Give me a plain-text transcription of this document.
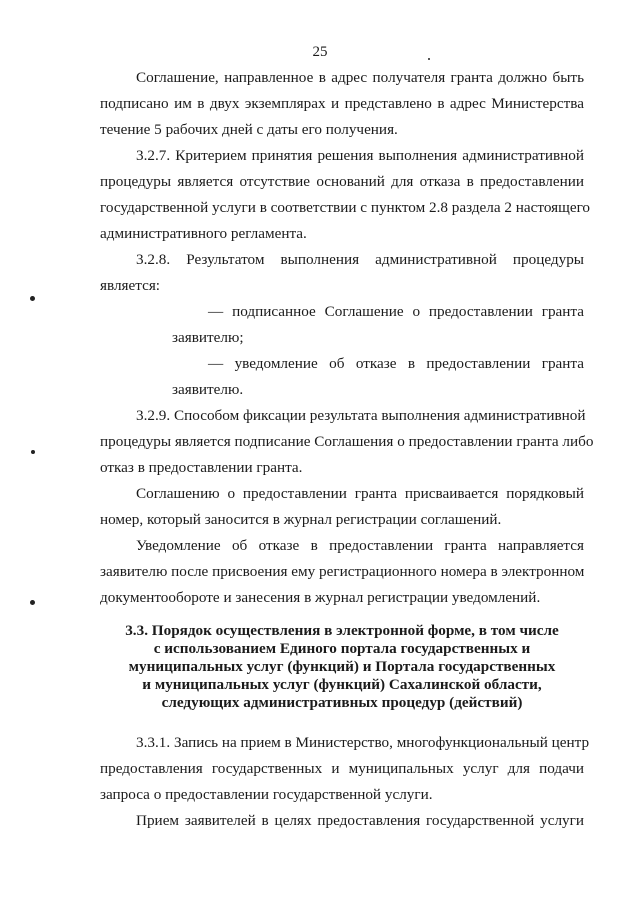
25
Соглашение, направленное в адрес получателя гранта должно быть
подписано им в двух экземплярах и представлено в адрес Министерства
течение 5 рабочих дней с даты его получения.
3.2.7. Критерием принятия решения выполнения административной
процедуры является отсутствие оснований для отказа в предоставлении
государственной услуги в соответствии с пунктом 2.8 раздела 2 настоящего
административного регламента.
3.2.8. Результатом выполнения административной процедуры
является:
— подписанное Соглашение о предоставлении гранта
заявителю;
— уведомление об отказе в предоставлении гранта
заявителю.
3.2.9. Способом фиксации результата выполнения административной
процедуры является подписание Соглашения о предоставлении гранта либо
отказ в предоставлении гранта.
Соглашению о предоставлении гранта присваивается порядковый
номер, который заносится в журнал регистрации соглашений.
Уведомление об отказе в предоставлении гранта направляется
заявителю после присвоения ему регистрационного номера в электронном
документообороте и занесения в журнал регистрации уведомлений.
3.3. Порядок осуществления в электронной форме, в том числе
с использованием Единого портала государственных и
муниципальных услуг (функций) и Портала государственных
и муниципальных услуг (функций) Сахалинской области,
следующих административных процедур (действий)
3.3.1. Запись на прием в Министерство, многофункциональный центр
предоставления государственных и муниципальных услуг для подачи
запроса о предоставлении государственной услуги.
Прием заявителей в целях предоставления государственной услуги
